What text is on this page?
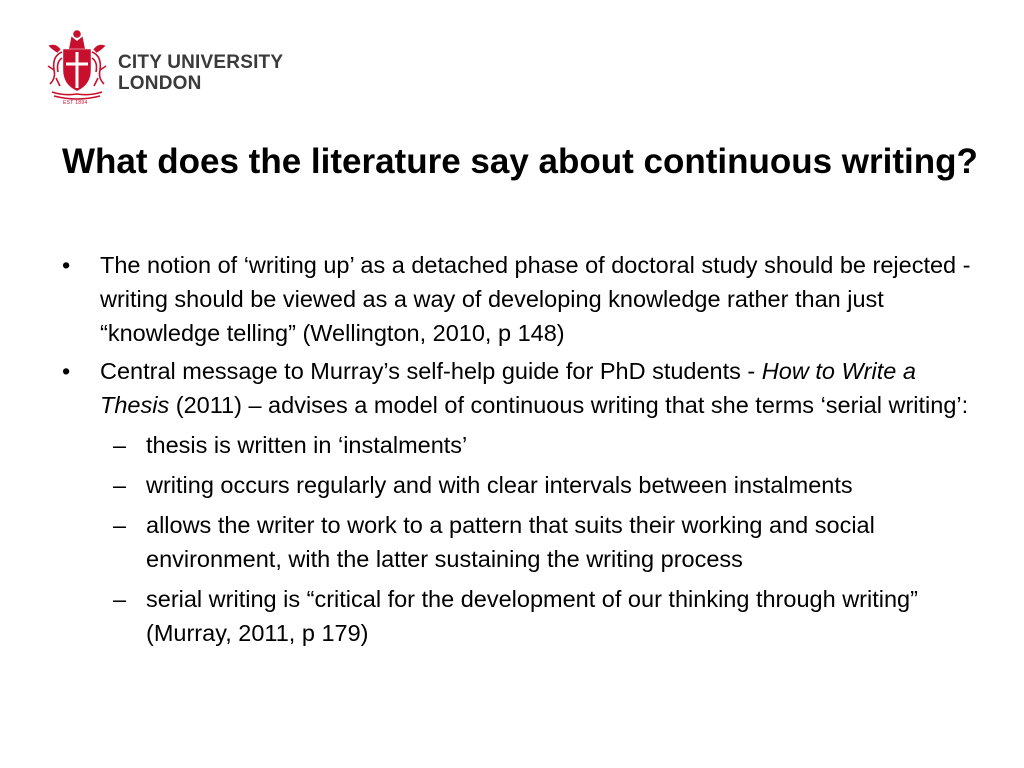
EST 1894
CITY UNIVERSITY
LONDON
What does the literature say about continuous writing?
• The notion of ‘writing up’ as a detached phase of doctoral study should be rejected - writing should be viewed as a way of developing knowledge rather than just “knowledge telling” (Wellington, 2010, p 148)
• Central message to Murray’s self-help guide for PhD students - How to Write a Thesis (2011) – advises a model of continuous writing that she terms ‘serial writing’:
– thesis is written in ‘instalments’
– writing occurs regularly and with clear intervals between instalments
– allows the writer to work to a pattern that suits their working and social environment, with the latter sustaining the writing process
– serial writing is “critical for the development of our thinking through writing” (Murray, 2011, p 179)
